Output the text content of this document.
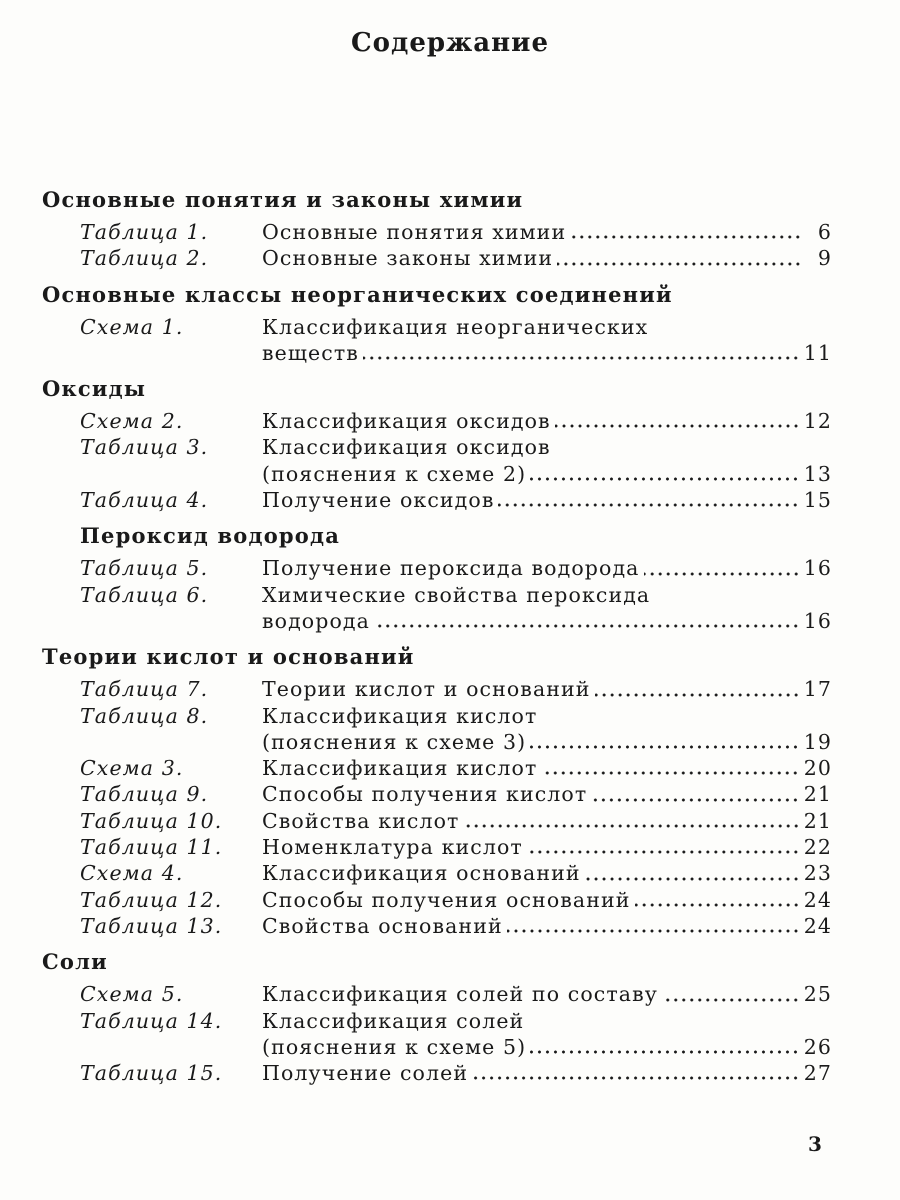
Содержание
Основные понятия и законы химии
Таблица 1.	Основные понятия химии	6
Таблица 2.	Основные законы химии	9
Основные классы неорганических соединений
Схема 1.	Классификация неорганических
веществ	11
Оксиды
Схема 2.	Классификация оксидов	12
Таблица 3.	Классификация оксидов
(пояснения к схеме 2)	13
Таблица 4.	Получение оксидов	15
Пероксид водорода
Таблица 5.	Получение пероксида водорода	16
Таблица 6.	Химические свойства пероксида
водорода	16
Теории кислот и оснований
Таблица 7.	Теории кислот и оснований	17
Таблица 8.	Классификация кислот
(пояснения к схеме 3)	19
Схема 3.	Классификация кислот	20
Таблица 9.	Способы получения кислот	21
Таблица 10.	Свойства кислот	21
Таблица 11.	Номенклатура кислот	22
Схема 4.	Классификация оснований	23
Таблица 12.	Способы получения оснований	24
Таблица 13.	Свойства оснований	24
Соли
Схема 5.	Классификация солей по составу	25
Таблица 14.	Классификация солей
(пояснения к схеме 5)	26
Таблица 15.	Получение солей	27
3
